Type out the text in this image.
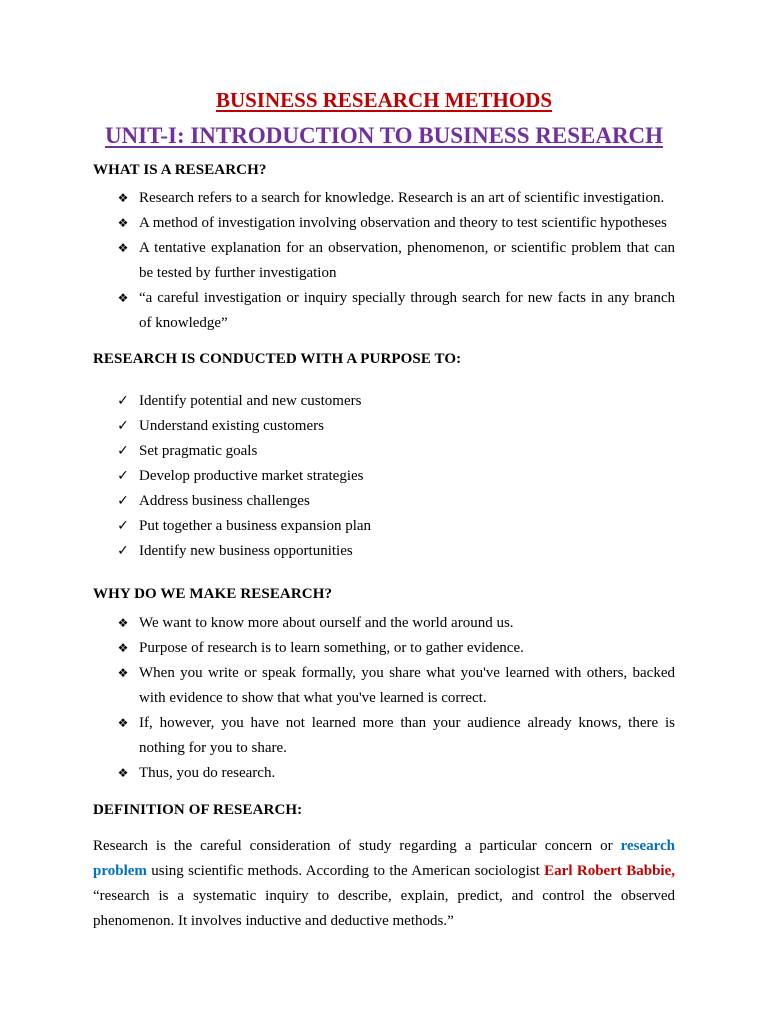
BUSINESS RESEARCH METHODS
UNIT-I: INTRODUCTION TO BUSINESS RESEARCH
WHAT IS A RESEARCH?
❖ Research refers to a search for knowledge. Research is an art of scientific investigation.
❖ A method of investigation involving observation and theory to test scientific hypotheses
❖ A tentative explanation for an observation, phenomenon, or scientific problem that can be tested by further investigation
❖ “a careful investigation or inquiry specially through search for new facts in any branch of knowledge”
RESEARCH IS CONDUCTED WITH A PURPOSE TO:
✓ Identify potential and new customers
✓ Understand existing customers
✓ Set pragmatic goals
✓ Develop productive market strategies
✓ Address business challenges
✓ Put together a business expansion plan
✓ Identify new business opportunities
WHY DO WE MAKE RESEARCH?
❖ We want to know more about ourself and the world around us.
❖ Purpose of research is to learn something, or to gather evidence.
❖ When you write or speak formally, you share what you've learned with others, backed with evidence to show that what you've learned is correct.
❖ If, however, you have not learned more than your audience already knows, there is nothing for you to share.
❖ Thus, you do research.
DEFINITION OF RESEARCH:

Research is the careful consideration of study regarding a particular concern or research problem using scientific methods. According to the American sociologist Earl Robert Babbie, “research is a systematic inquiry to describe, explain, predict, and control the observed phenomenon. It involves inductive and deductive methods.”
